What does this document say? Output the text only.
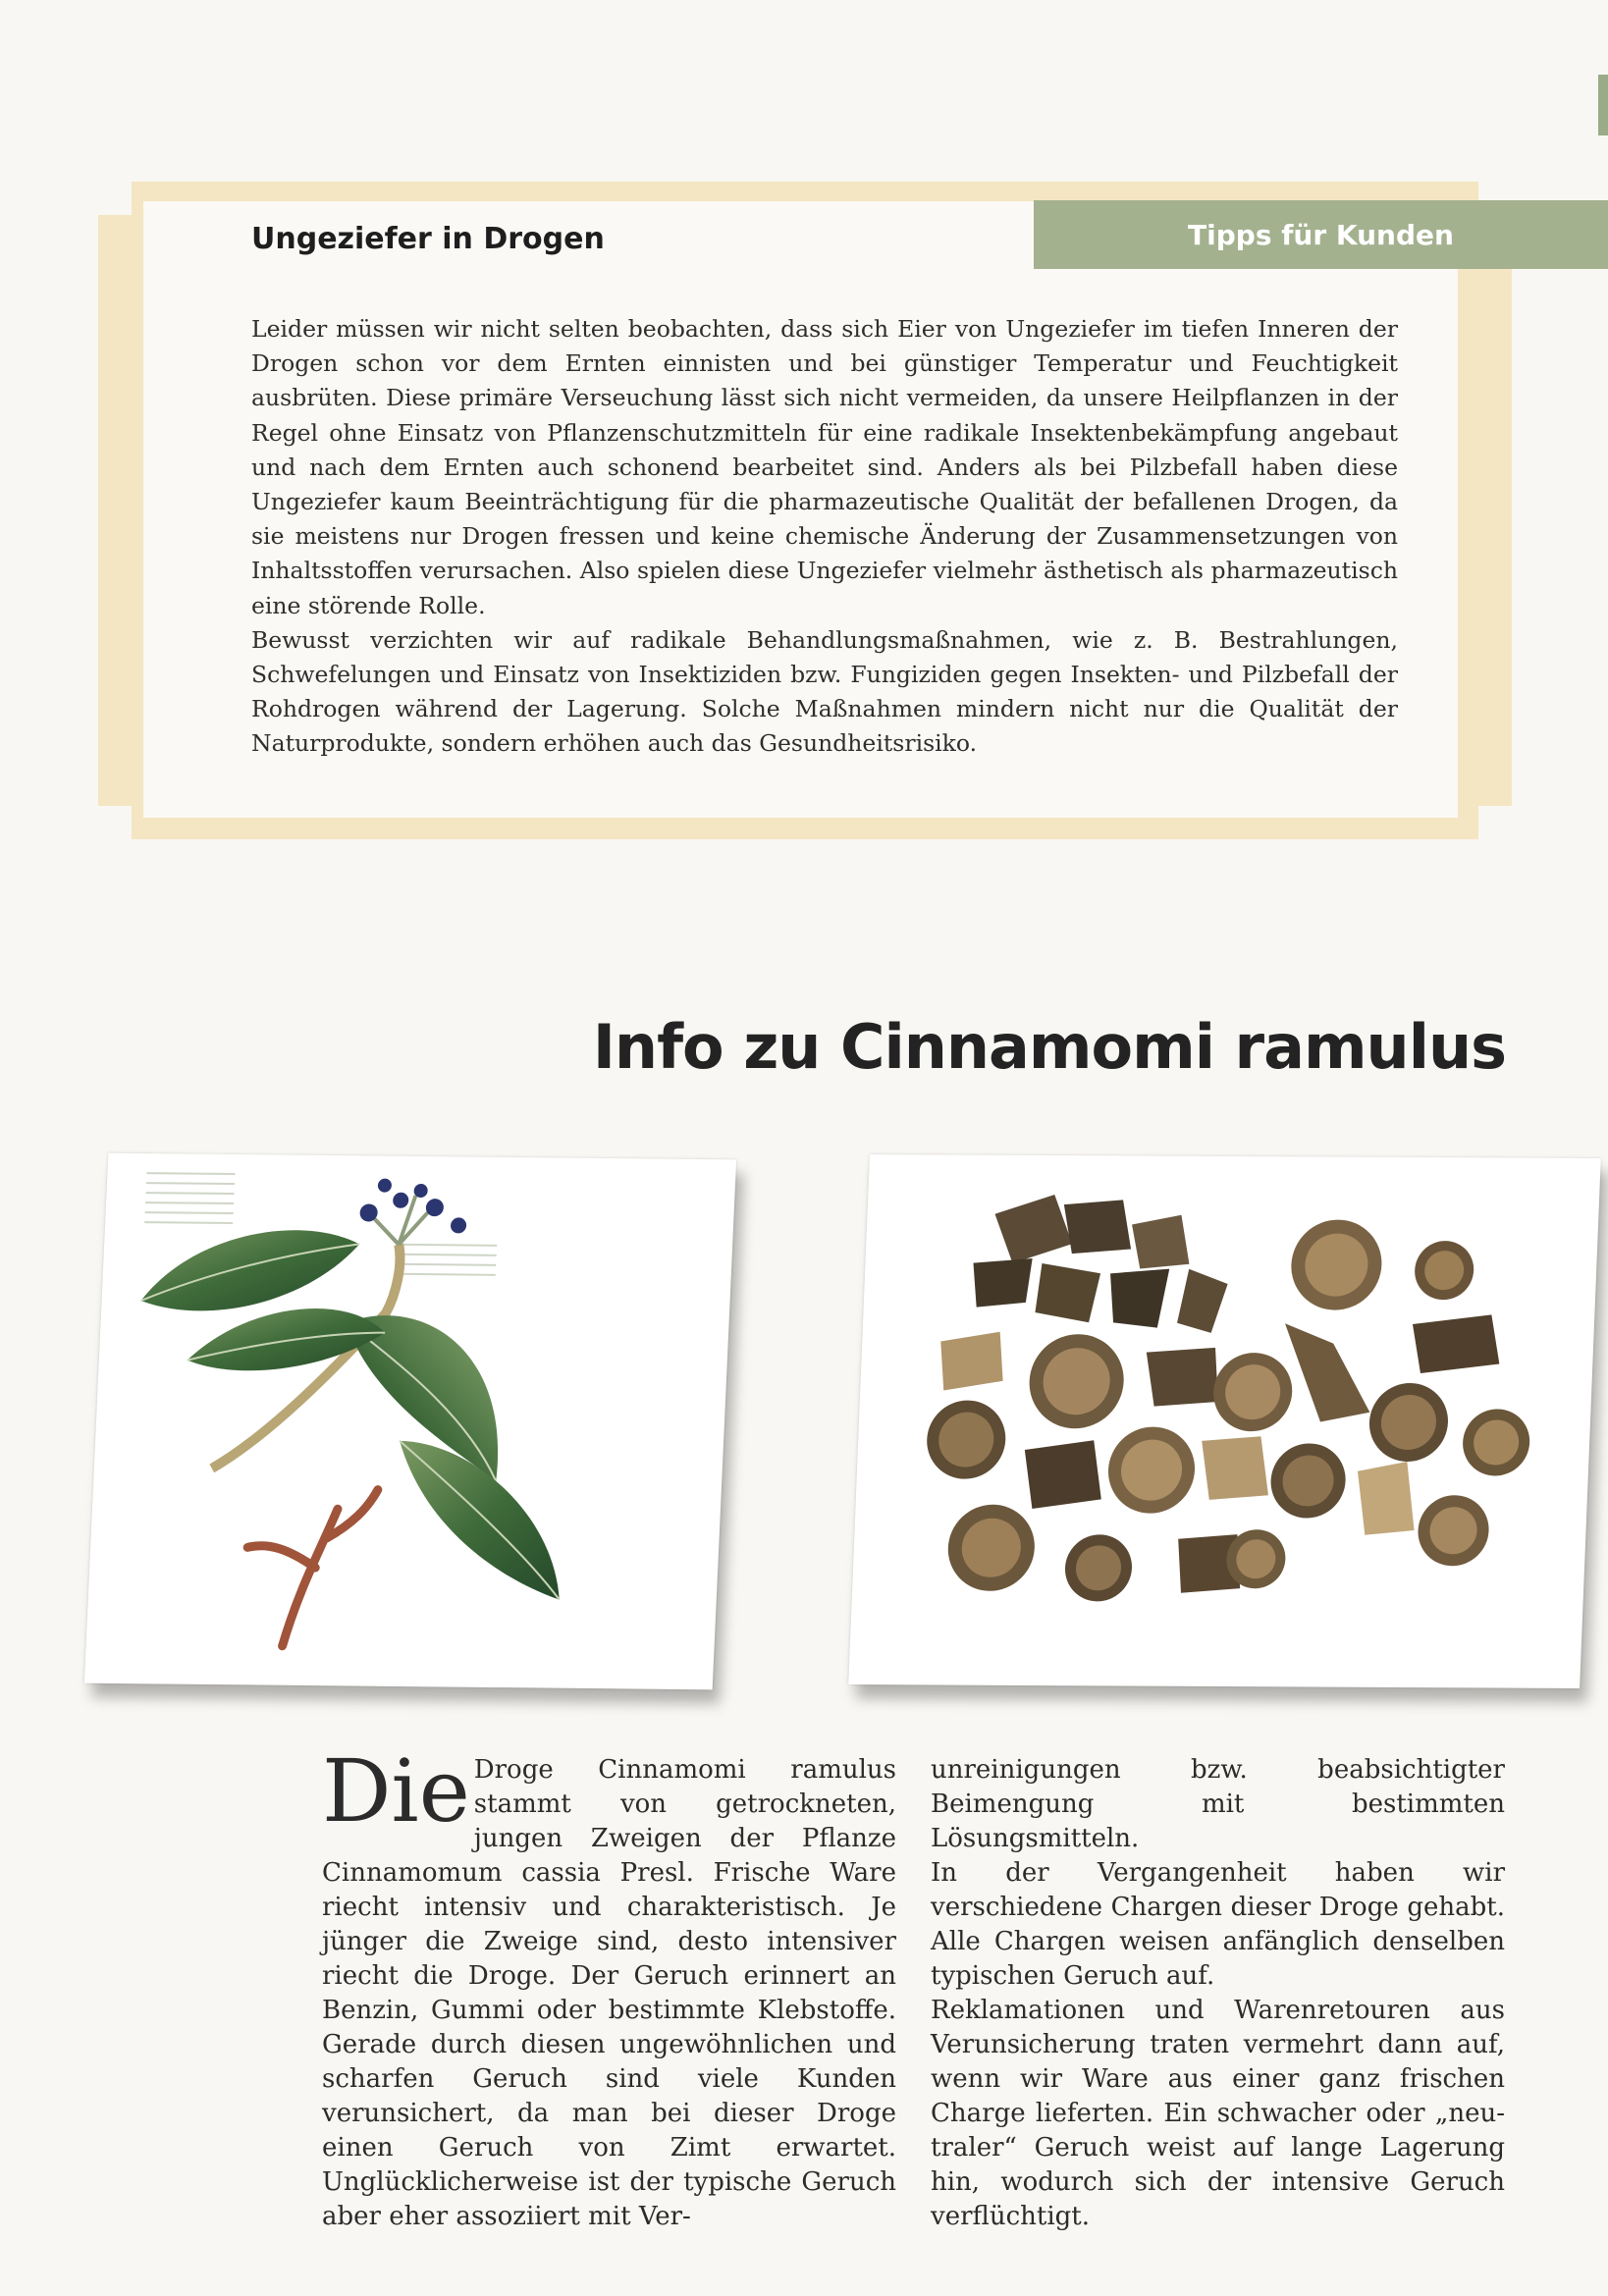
Tipps für Kunden
Ungeziefer in Drogen

Leider müssen wir nicht selten beobachten, dass sich Eier von Ungeziefer im tiefen Inneren der Drogen schon vor dem Ernten einnisten und bei günstiger Temperatur und Feuchtigkeit ausbrüten. Diese primäre Verseuchung lässt sich nicht vermeiden, da unsere Heilpflanzen in der Regel ohne Einsatz von Pflanzenschutzmitteln für eine radikale Insektenbekämpfung angebaut und nach dem Ernten auch schonend bearbeitet sind. Anders als bei Pilzbefall haben diese Ungeziefer kaum Beeinträchtigung für die pharmazeutische Qualität der befallenen Drogen, da sie meistens nur Drogen fressen und keine chemische Änderung der Zusammensetzungen von Inhaltsstoffen verursachen. Also spielen diese Ungeziefer vielmehr ästhetisch als pharmazeutisch eine störende Rolle.

Bewusst verzichten wir auf radikale Behandlungsmaßnahmen, wie z. B. Bestrahlungen, Schwefelungen und Einsatz von Insektiziden bzw. Fungiziden gegen Insekten- und Pilzbefall der Rohdrogen während der Lagerung. Solche Maßnahmen mindern nicht nur die Qualität der Naturprodukte, sondern erhöhen auch das Gesundheitsrisiko.

Info zu Cinnamomi ramulus

Die Droge Cinnamomi ramulus stammt von getrockneten, jungen Zweigen der Pflanze Cinnamomum cassia Presl. Frische Ware riecht intensiv und charakteristisch. Je jünger die Zweige sind, desto intensiver riecht die Droge. Der Geruch erinnert an Benzin, Gummi oder bestimmte Klebstoffe. Gerade durch diesen ungewöhnlichen und scharfen Geruch sind viele Kunden verunsichert, da man bei dieser Droge einen Geruch von Zimt erwartet. Unglücklicherweise ist der typische Geruch aber eher assoziiert mit Ver-

unreinigungen bzw. beabsichtigter Beimengung mit bestimmten Lösungsmitteln.

In der Vergangenheit haben wir verschiedene Chargen dieser Droge gehabt. Alle Chargen weisen anfänglich denselben typischen Geruch auf.

Reklamationen und Warenretouren aus Verunsicherung traten vermehrt dann auf, wenn wir Ware aus einer ganz frischen Charge lieferten. Ein schwacher oder „neu- traler“ Geruch weist auf lange Lagerung hin, wodurch sich der intensive Geruch verflüchtigt.
